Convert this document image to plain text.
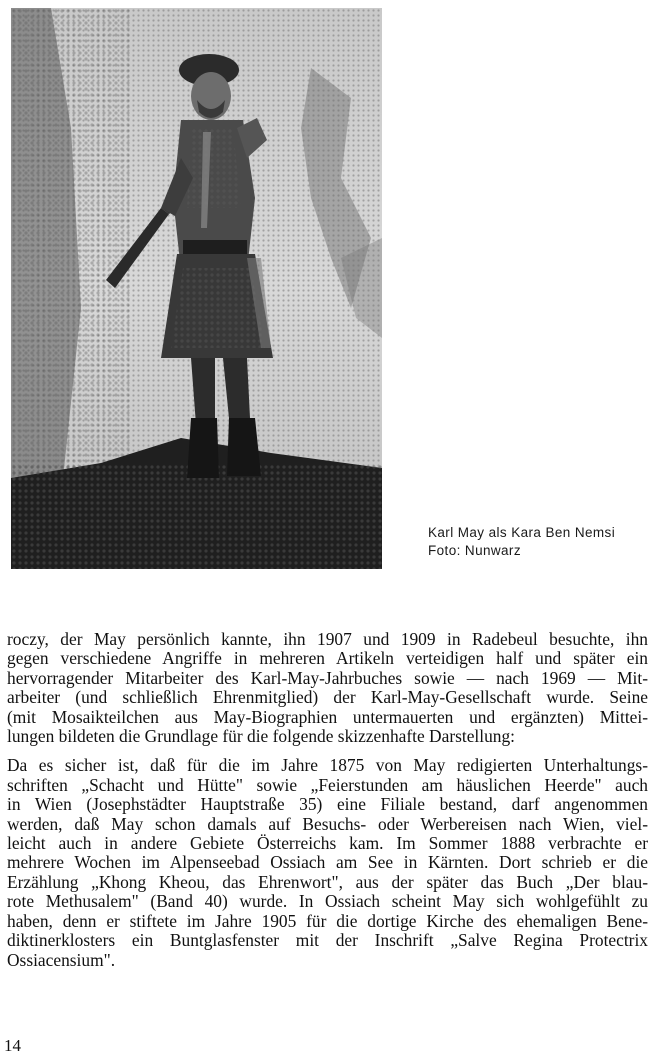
Karl May als Kara Ben Nemsi
Foto: Nunwarz

roczy, der May persönlich kannte, ihn 1907 und 1909 in Radebeul besuchte, ihn
gegen verschiedene Angriffe in mehreren Artikeln verteidigen half und später ein
hervorragender Mitarbeiter des Karl-May-Jahrbuches sowie — nach 1969 — Mit-
arbeiter (und schließlich Ehrenmitglied) der Karl-May-Gesellschaft wurde. Seine
(mit Mosaikteilchen aus May-Biographien untermauerten und ergänzten) Mittei-
lungen bildeten die Grundlage für die folgende skizzenhafte Darstellung:

Da es sicher ist, daß für die im Jahre 1875 von May redigierten Unterhaltungs-
schriften „Schacht und Hütte" sowie „Feierstunden am häuslichen Heerde" auch
in Wien (Josephstädter Hauptstraße 35) eine Filiale bestand, darf angenommen
werden, daß May schon damals auf Besuchs- oder Werbereisen nach Wien, viel-
leicht auch in andere Gebiete Österreichs kam. Im Sommer 1888 verbrachte er
mehrere Wochen im Alpenseebad Ossiach am See in Kärnten. Dort schrieb er die
Erzählung „Khong Kheou, das Ehrenwort", aus der später das Buch „Der blau-
rote Methusalem" (Band 40) wurde. In Ossiach scheint May sich wohlgefühlt zu
haben, denn er stiftete im Jahre 1905 für die dortige Kirche des ehemaligen Bene-
diktinerklosters ein Buntglasfenster mit der Inschrift „Salve Regina Protectrix
Ossiacensium".

14
